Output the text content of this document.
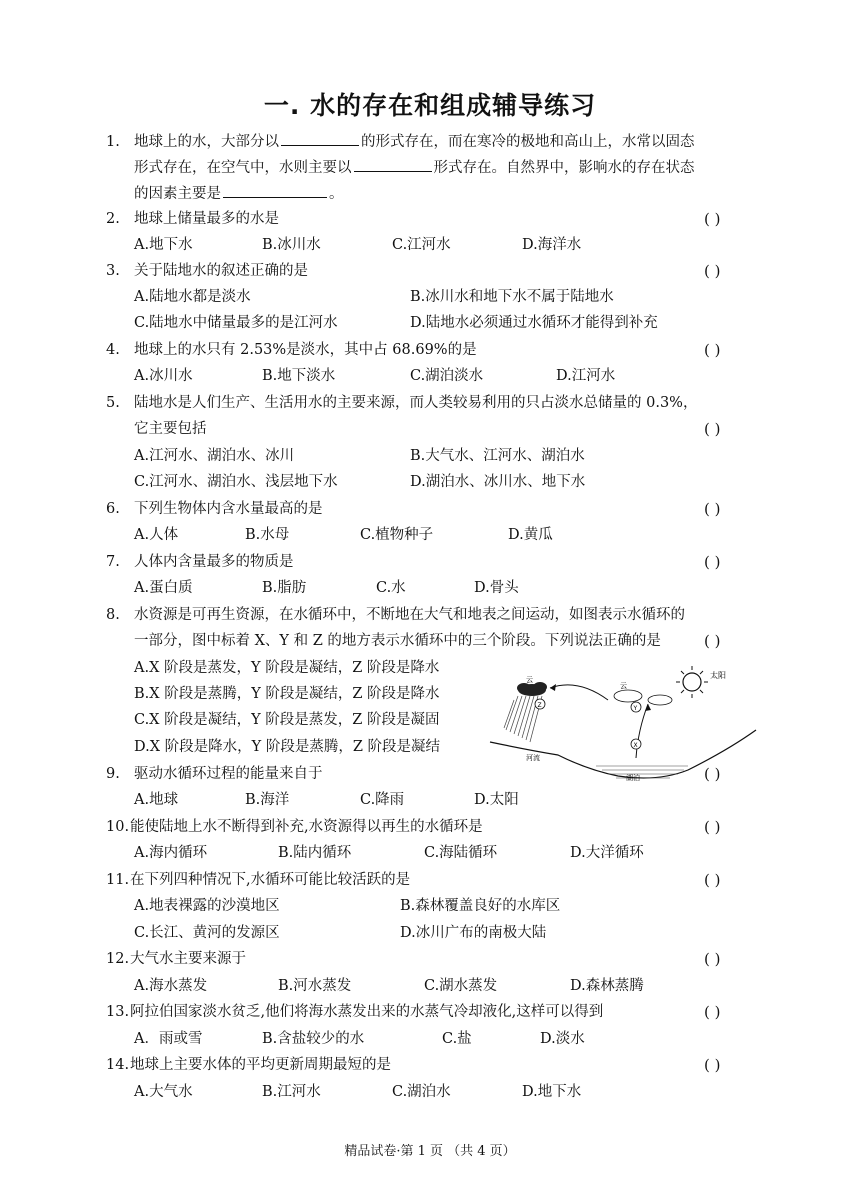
一. 水的存在和组成辅导练习
1. 地球上的水，大部分以	的形式存在，而在寒冷的极地和高山上，水常以固态
形式存在，在空气中，水则主要以	形式存在。自然界中，影响水的存在状态
的因素主要是	。
2. 地球上储量最多的水是	( )
A.地下水	B.冰川水	C.江河水	D.海洋水
3. 关于陆地水的叙述正确的是	( )
A.陆地水都是淡水	B.冰川水和地下水不属于陆地水
C.陆地水中储量最多的是江河水	D.陆地水必须通过水循环才能得到补充
4. 地球上的水只有 2.53%是淡水，其中占 68.69%的是	( )
A.冰川水	B.地下淡水	C.湖泊淡水	D.江河水
5. 陆地水是人们生产、生活用水的主要来源，而人类较易利用的只占淡水总储量的 0.3%，
它主要包括	( )
A.江河水、湖泊水、冰川	B.大气水、江河水、湖泊水
C.江河水、湖泊水、浅层地下水	D.湖泊水、冰川水、地下水
6. 下列生物体内含水量最高的是	( )
A.人体	B.水母	C.植物种子	D.黄瓜
7. 人体内含量最多的物质是	( )
A.蛋白质	B.脂肪	C.水	D.骨头
8. 水资源是可再生资源，在水循环中，不断地在大气和地表之间运动，如图表示水循环的
一部分，图中标着 X、Y 和 Z 的地方表示水循环中的三个阶段。下列说法正确的是	( )
A.X 阶段是蒸发，Y 阶段是凝结，Z 阶段是降水
B.X 阶段是蒸腾，Y 阶段是凝结，Z 阶段是降水
C.X 阶段是凝结，Y 阶段是蒸发，Z 阶段是凝固
D.X 阶段是降水，Y 阶段是蒸腾，Z 阶段是凝结
太阳
云
Z
云
Y
X
河流
湖泊
9. 驱动水循环过程的能量来自于	( )
A.地球	B.海洋	C.降雨	D.太阳
10. 能使陆地上水不断得到补充,水资源得以再生的水循环是	( )
A.海内循环	B.陆内循环	C.海陆循环	D.大洋循环
11. 在下列四种情况下,水循环可能比较活跃的是	( )
A.地表裸露的沙漠地区	B.森林覆盖良好的水库区
C.长江、黄河的发源区	D.冰川广布的南极大陆
12. 大气水主要来源于	( )
A.海水蒸发	B.河水蒸发	C.湖水蒸发	D.森林蒸腾
13. 阿拉伯国家淡水贫乏,他们将海水蒸发出来的水蒸气冷却液化,这样可以得到	( )
A．雨或雪	B.含盐较少的水	C.盐	D.淡水
14. 地球上主要水体的平均更新周期最短的是	( )
A.大气水	B.江河水	C.湖泊水	D.地下水
精品试卷·第 1 页 （共 4 页）
